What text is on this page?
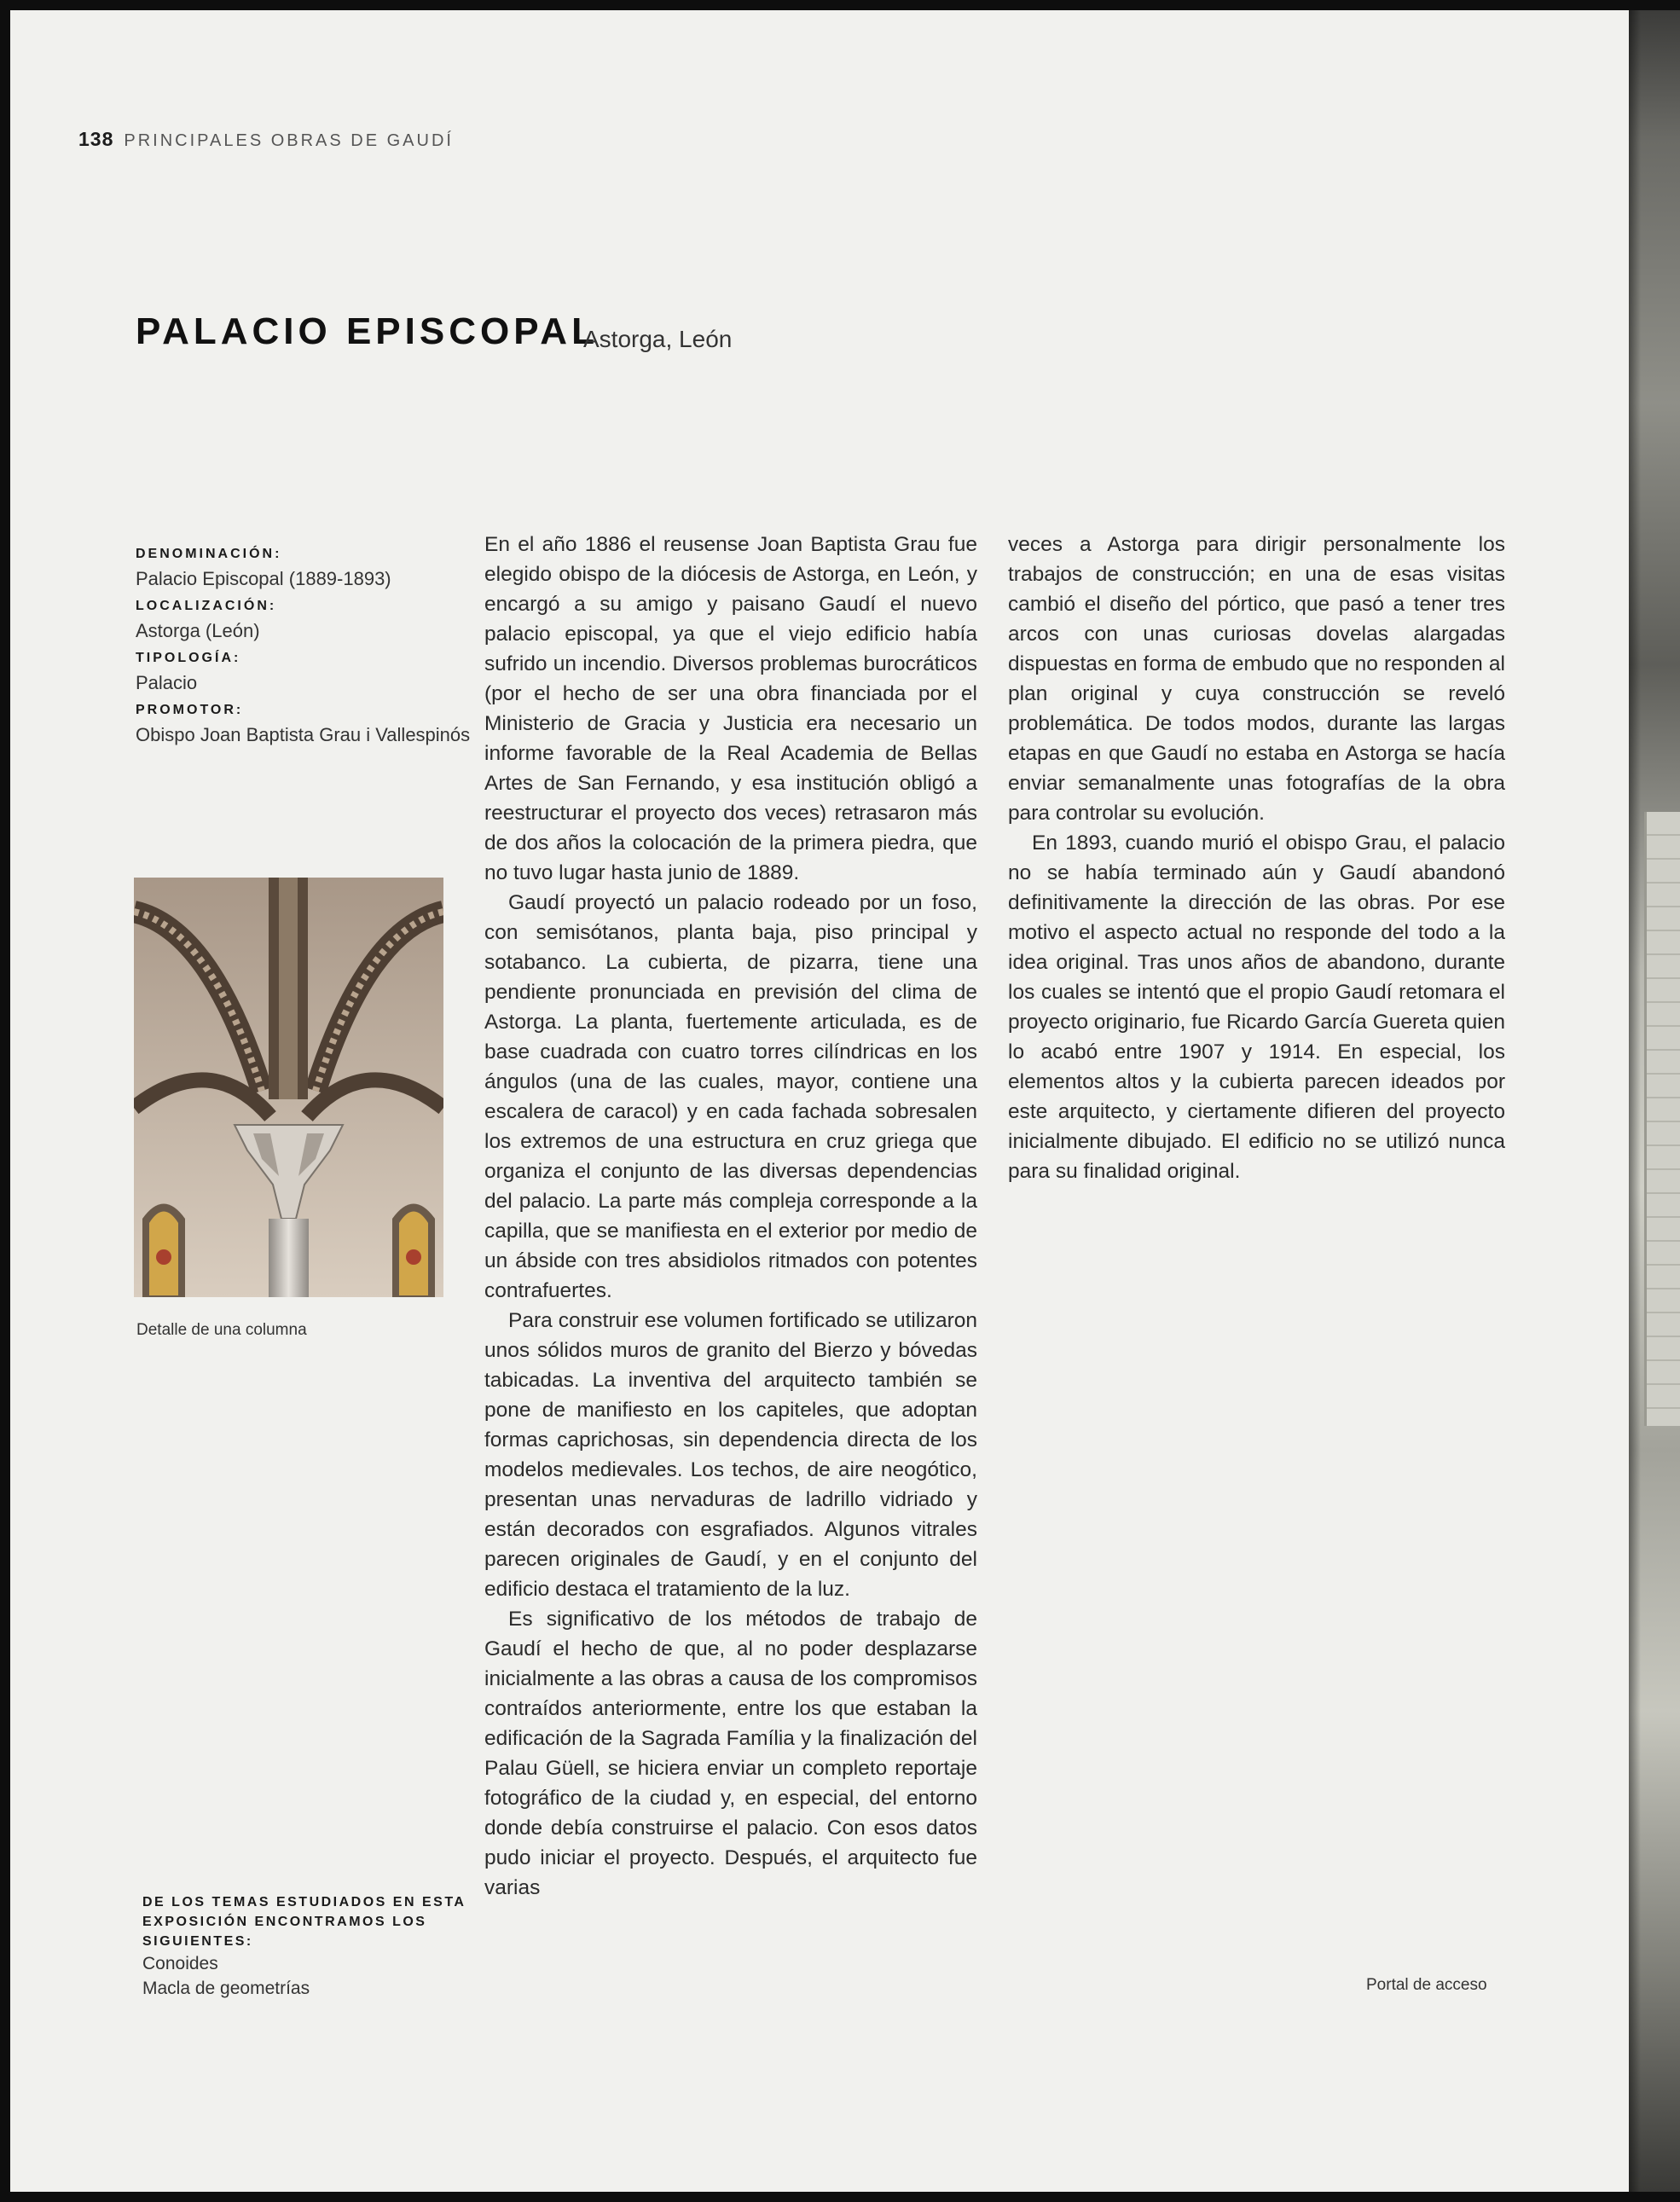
138 PRINCIPALES OBRAS DE GAUDÍ
PALACIO EPISCOPAL
Astorga, León
DENOMINACIÓN:
Palacio Episcopal (1889-1893)
LOCALIZACIÓN:
Astorga (León)
TIPOLOGÍA:
Palacio
PROMOTOR:
Obispo Joan Baptista Grau i Vallespinós
Detalle de una columna

En el año 1886 el reusense Joan Baptista Grau fue elegido obispo de la diócesis de Astorga, en León, y encargó a su amigo y paisano Gaudí el nuevo palacio episcopal, ya que el viejo edificio había sufrido un incendio. Diversos problemas burocráticos (por el hecho de ser una obra financiada por el Ministerio de Gracia y Justicia era necesario un informe favorable de la Real Academia de Bellas Artes de San Fernando, y esa institución obligó a reestructurar el proyecto dos veces) retrasaron más de dos años la colocación de la primera piedra, que no tuvo lugar hasta junio de 1889.

Gaudí proyectó un palacio rodeado por un foso, con semisótanos, planta baja, piso principal y sotabanco. La cubierta, de pizarra, tiene una pendiente pronunciada en previsión del clima de Astorga. La planta, fuertemente articulada, es de base cuadrada con cuatro torres cilíndricas en los ángulos (una de las cuales, mayor, contiene una escalera de caracol) y en cada fachada sobresalen los extremos de una estructura en cruz griega que organiza el conjunto de las diversas dependencias del palacio. La parte más compleja corresponde a la capilla, que se manifiesta en el exterior por medio de un ábside con tres absidiolos ritmados con potentes contrafuertes.

Para construir ese volumen fortificado se utilizaron unos sólidos muros de granito del Bierzo y bóvedas tabicadas. La inventiva del arquitecto también se pone de manifiesto en los capiteles, que adoptan formas caprichosas, sin dependencia directa de los modelos medievales. Los techos, de aire neogótico, presentan unas nervaduras de ladrillo vidriado y están decorados con esgrafiados. Algunos vitrales parecen originales de Gaudí, y en el conjunto del edificio destaca el tratamiento de la luz.

Es significativo de los métodos de trabajo de Gaudí el hecho de que, al no poder desplazarse inicialmente a las obras a causa de los compromisos contraídos anteriormente, entre los que estaban la edificación de la Sagrada Família y la finalización del Palau Güell, se hiciera enviar un completo reportaje fotográfico de la ciudad y, en especial, del entorno donde debía construirse el palacio. Con esos datos pudo iniciar el proyecto. Después, el arquitecto fue varias

veces a Astorga para dirigir personalmente los trabajos de construcción; en una de esas visitas cambió el diseño del pórtico, que pasó a tener tres arcos con unas curiosas dovelas alargadas dispuestas en forma de embudo que no responden al plan original y cuya construcción se reveló problemática. De todos modos, durante las largas etapas en que Gaudí no estaba en Astorga se hacía enviar semanalmente unas fotografías de la obra para controlar su evolución.

En 1893, cuando murió el obispo Grau, el palacio no se había terminado aún y Gaudí abandonó definitivamente la dirección de las obras. Por ese motivo el aspecto actual no responde del todo a la idea original. Tras unos años de abandono, durante los cuales se intentó que el propio Gaudí retomara el proyecto originario, fue Ricardo García Guereta quien lo acabó entre 1907 y 1914. En especial, los elementos altos y la cubierta parecen ideados por este arquitecto, y ciertamente difieren del proyecto inicialmente dibujado. El edificio no se utilizó nunca para su finalidad original.

DE LOS TEMAS ESTUDIADOS EN ESTA EXPOSICIÓN ENCONTRAMOS LOS SIGUIENTES:
Conoides
Macla de geometrías	Portal de acceso
